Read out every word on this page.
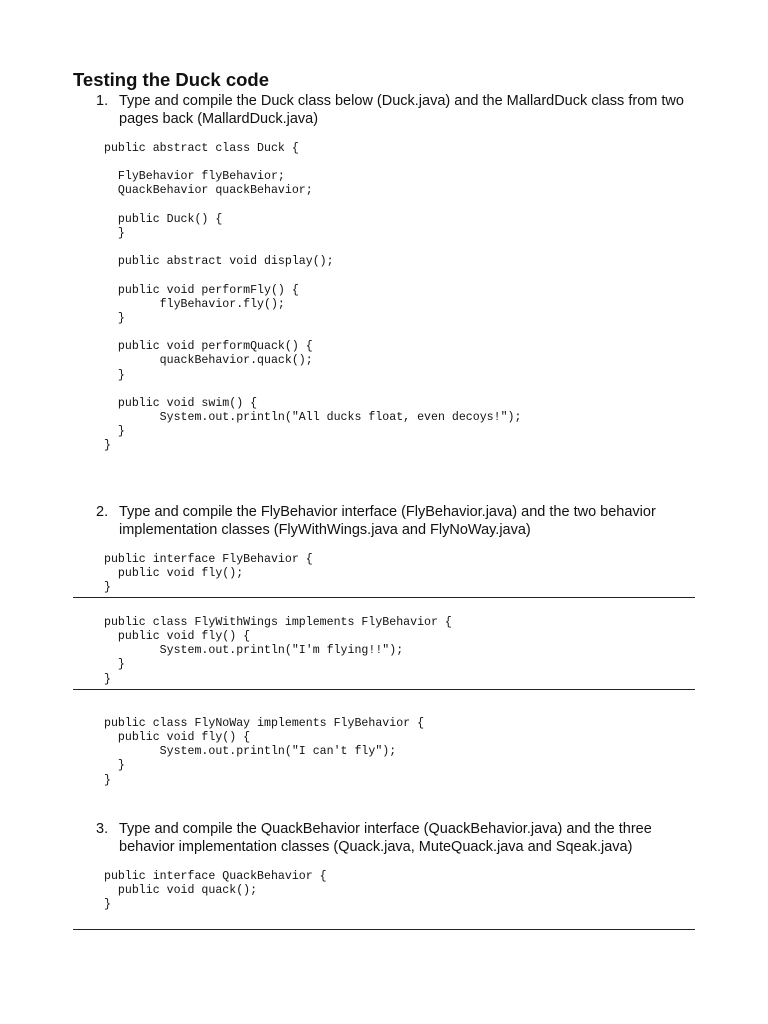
Testing the Duck code
1. Type and compile the Duck class below (Duck.java) and the MallardDuck class from two pages back (MallardDuck.java)
public abstract class Duck {

FlyBehavior flyBehavior;
QuackBehavior quackBehavior;

public Duck() {
}

public abstract void display();

public void performFly() {
flyBehavior.fly();
}

public void performQuack() {
quackBehavior.quack();
}

public void swim() {
System.out.println("All ducks float, even decoys!");
}
}
2. Type and compile the FlyBehavior interface (FlyBehavior.java) and the two behavior implementation classes (FlyWithWings.java and FlyNoWay.java)
public interface FlyBehavior {
public void fly();
}
public class FlyWithWings implements FlyBehavior {
public void fly() {
System.out.println("I'm flying!!");
}
}
public class FlyNoWay implements FlyBehavior {
public void fly() {
System.out.println("I can't fly");
}
}
3. Type and compile the QuackBehavior interface (QuackBehavior.java) and the three behavior implementation classes (Quack.java, MuteQuack.java and Sqeak.java)
public interface QuackBehavior {
public void quack();
}
